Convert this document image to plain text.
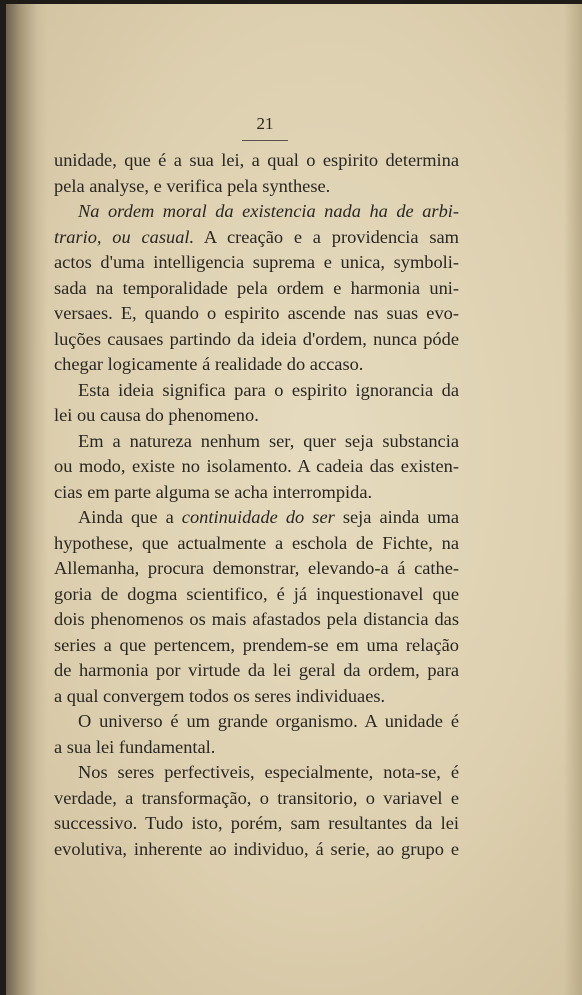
21
unidade, que é a sua lei, a qual o espirito determina
pela analyse, e verifica pela synthese.
Na ordem moral da existencia nada ha de arbi-
trario, ou casual. A creação e a providencia sam
actos d'uma intelligencia suprema e unica, symboli-
sada na temporalidade pela ordem e harmonia uni-
versaes. E, quando o espirito ascende nas suas evo-
luções causaes partindo da ideia d'ordem, nunca póde
chegar logicamente á realidade do accaso.
Esta ideia significa para o espirito ignorancia da
lei ou causa do phenomeno.
Em a natureza nenhum ser, quer seja substancia
ou modo, existe no isolamento. A cadeia das existen-
cias em parte alguma se acha interrompida.
Ainda que a continuidade do ser seja ainda uma
hypothese, que actualmente a eschola de Fichte, na
Allemanha, procura demonstrar, elevando-a á cathe-
goria de dogma scientifico, é já inquestionavel que
dois phenomenos os mais afastados pela distancia das
series a que pertencem, prendem-se em uma relação
de harmonia por virtude da lei geral da ordem, para
a qual convergem todos os seres individuaes.
O universo é um grande organismo. A unidade é
a sua lei fundamental.
Nos seres perfectiveis, especialmente, nota-se, é
verdade, a transformação, o transitorio, o variavel e
successivo. Tudo isto, porém, sam resultantes da lei
evolutiva, inherente ao individuo, á serie, ao grupo e
